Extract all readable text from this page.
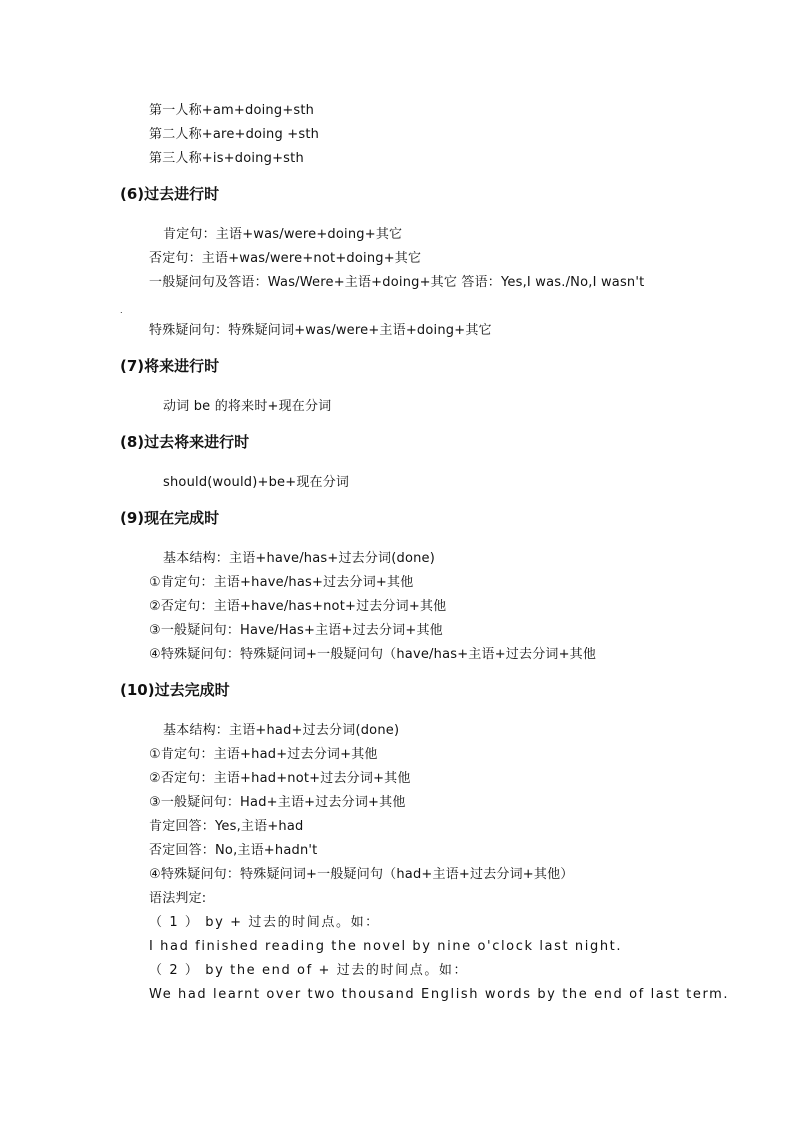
第一人称+am+doing+sth
第二人称+are+doing +sth
第三人称+is+doing+sth
(6)过去进行时
肯定句：主语+was/were+doing+其它
否定句：主语+was/were+not+doing+其它
一般疑问句及答语：Was/Were+主语+doing+其它 答语：Yes,I was./No,I wasn't
.
特殊疑问句：特殊疑问词+was/were+主语+doing+其它
(7)将来进行时
动词 be 的将来时+现在分词
(8)过去将来进行时
should(would)+be+现在分词
(9)现在完成时
基本结构：主语+have/has+过去分词(done)
①肯定句：主语+have/has+过去分词+其他
②否定句：主语+have/has+not+过去分词+其他
③一般疑问句：Have/Has+主语+过去分词+其他
④特殊疑问句：特殊疑问词+一般疑问句（have/has+主语+过去分词+其他
(10)过去完成时
基本结构：主语+had+过去分词(done)
①肯定句：主语+had+过去分词+其他
②否定句：主语+had+not+过去分词+其他
③一般疑问句：Had+主语+过去分词+其他
肯定回答：Yes,主语+had
否定回答：No,主语+hadn't
④特殊疑问句：特殊疑问词+一般疑问句（had+主语+过去分词+其他）
语法判定:
（ 1 ） by + 过去的时间点。如：
I had finished reading the novel by nine o'clock last night.
（ 2 ） by the end of + 过去的时间点。如：
We had learnt over two thousand English words by the end of last term.
